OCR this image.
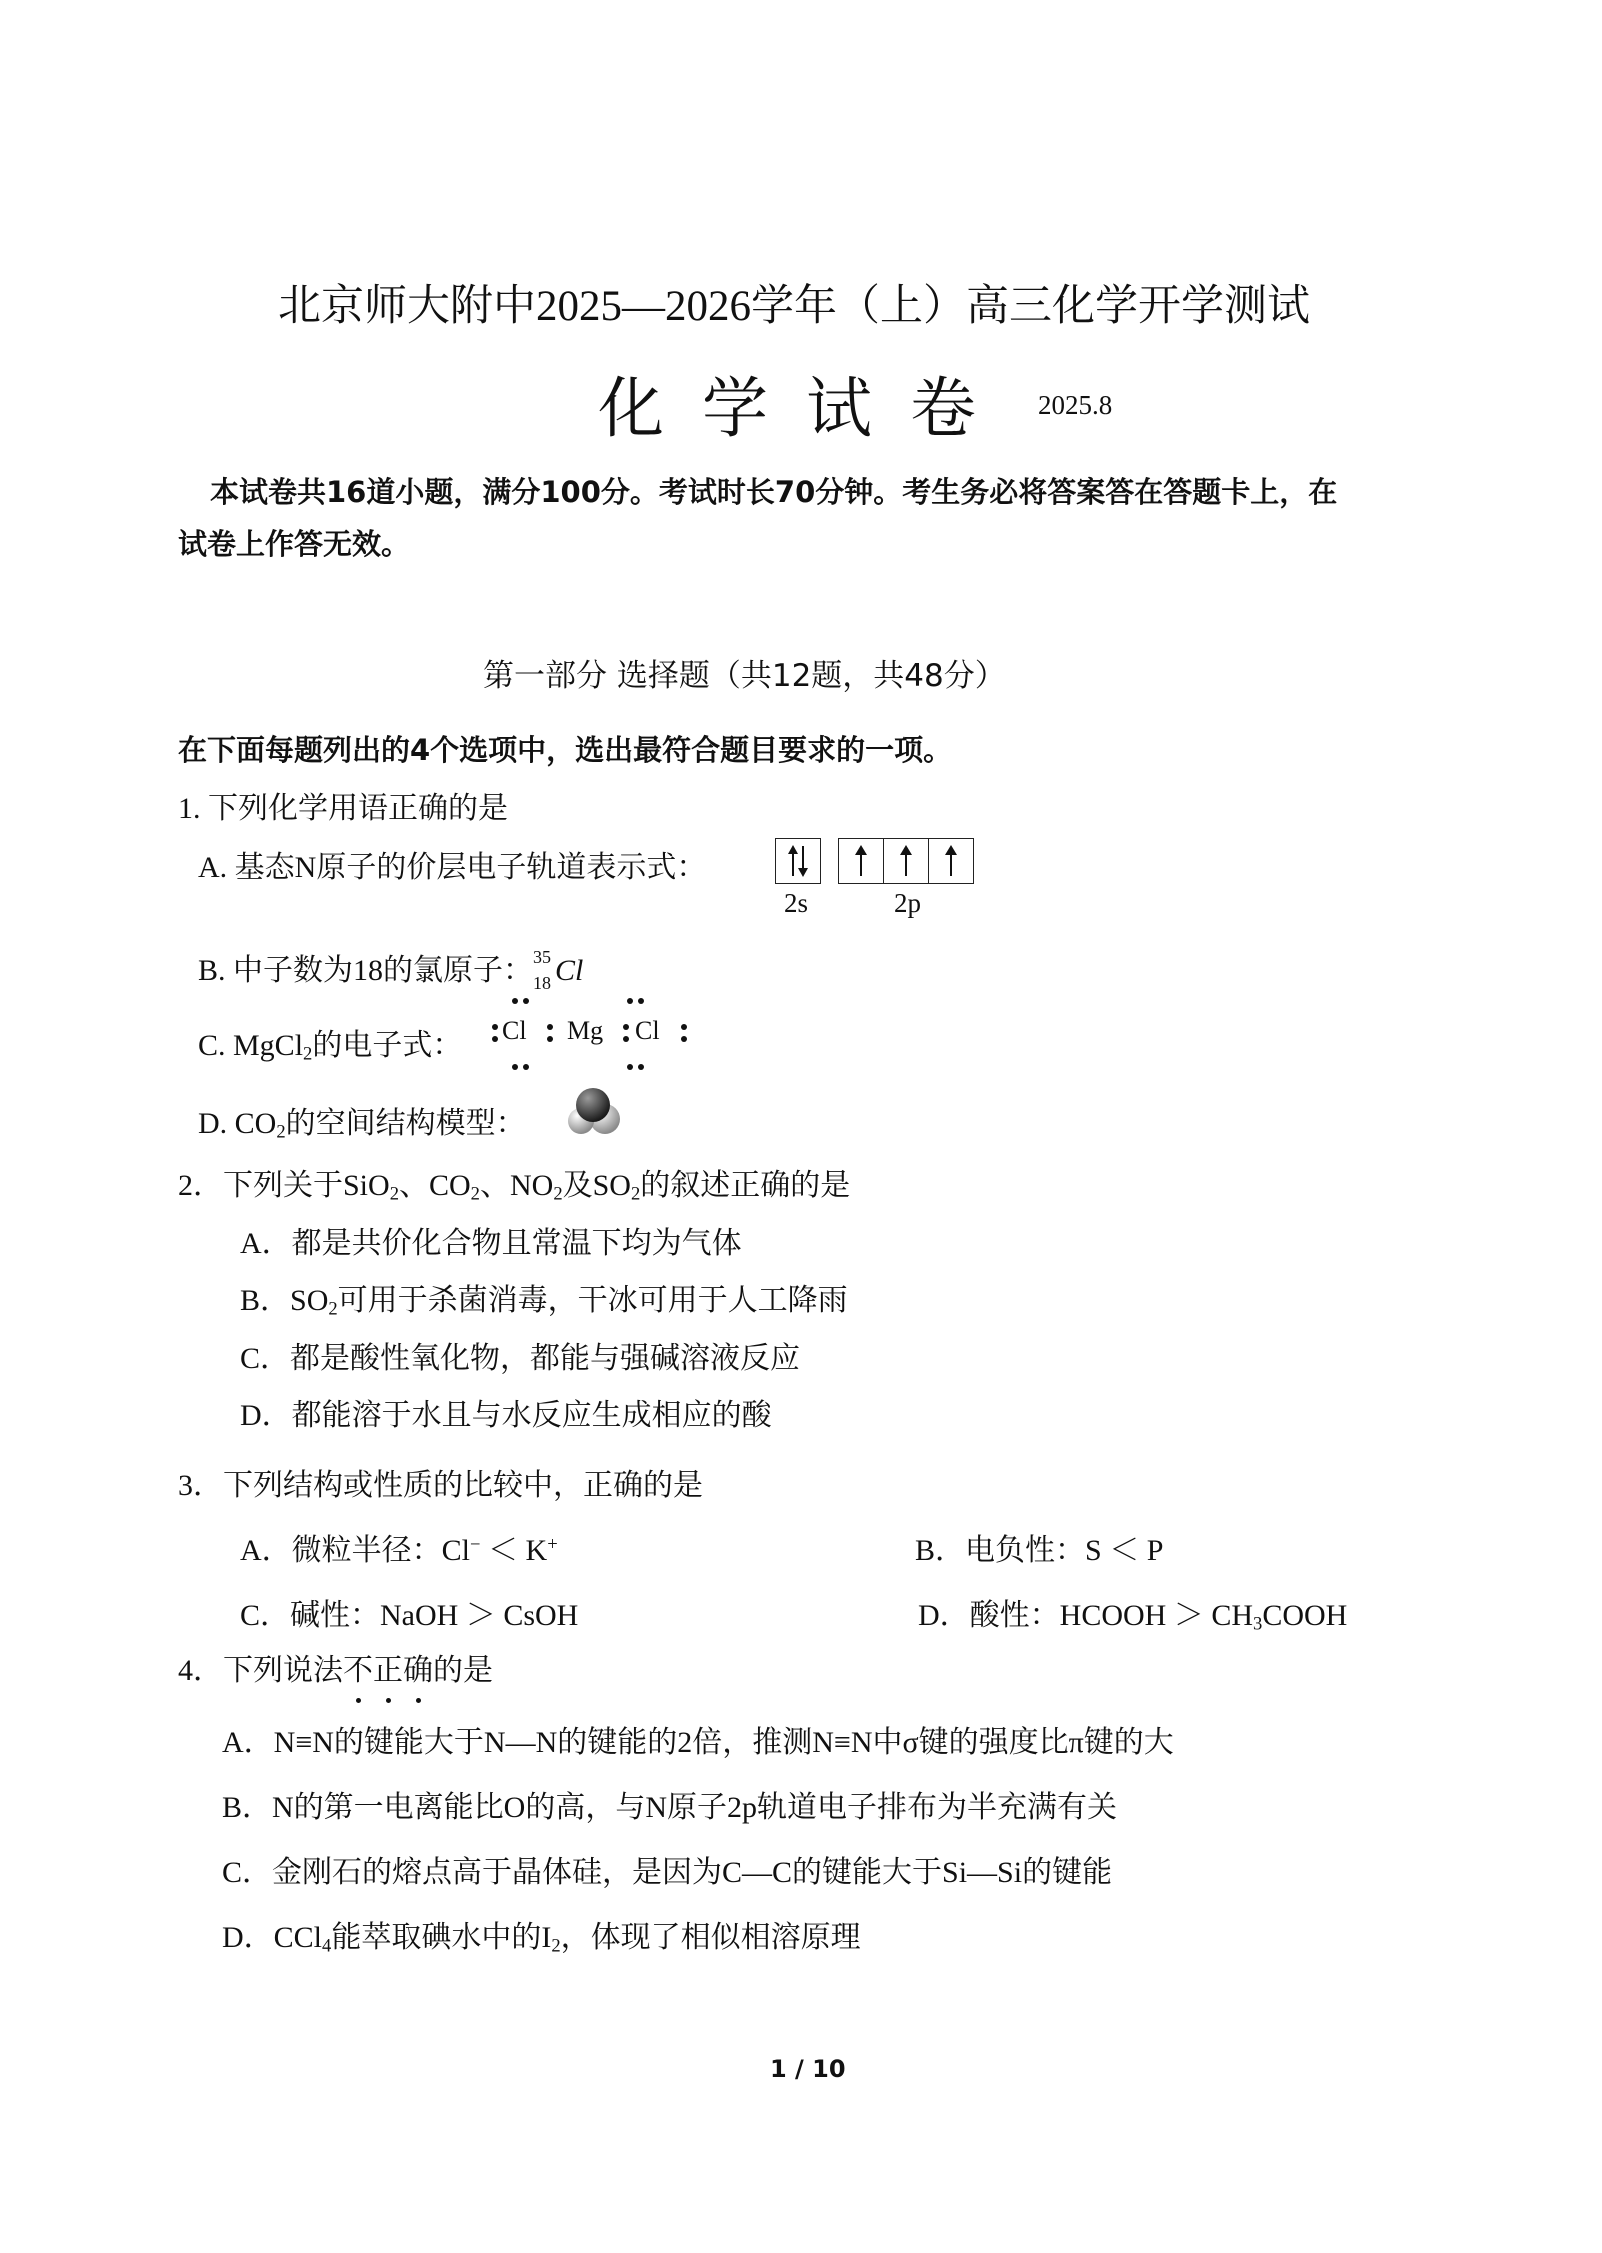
北京师大附中2025—2026学年（上）高三化学开学测试
化学试卷 2025.8
本试卷共16道小题，满分100分。考试时长70分钟。考生务必将答案答在答题卡上，在
试卷上作答无效。
第一部分 选择题（共12题，共48分）
在下面每题列出的4个选项中，选出最符合题目要求的一项。
1. 下列化学用语正确的是
A. 基态N原子的价层电子轨道表示式：
2s	2p
B. 中子数为18的氯原子： 35
18 Cl
C. MgCl$_2$的电子式： Cl Mg Cl
D. $CO_2$的空间结构模型：
2．下列关于SiO$_2$、$CO_2$、$NO_2$及$SO_2$的叙述正确的是
A．都是共价化合物且常温下均为气体
B．$SO_2$可用于杀菌消毒，干冰可用于人工降雨
C．都是酸性氧化物，都能与强碱溶液反应
D．都能溶于水且与水反应生成相应的酸
3．下列结构或性质的比较中，正确的是
A．微粒半径：Cl− ＜ K+	B．电负性：S ＜ P
C．碱性：NaOH ＞ CsOH	D．酸性：HCOOH ＞ $CH_3COOH$
4．下列说法不正确的是
A．N≡N的键能大于N—N的键能的2倍，推测N≡N中σ键的强度比π键的大
B．N的第一电离能比O的高，与N原子2p轨道电子排布为半充满有关
C．金刚石的熔点高于晶体硅，是因为C—C的键能大于Si—Si的键能
D．CCl$_4$能萃取碘水中的$I_2$，体现了相似相溶原理
1 / 10
